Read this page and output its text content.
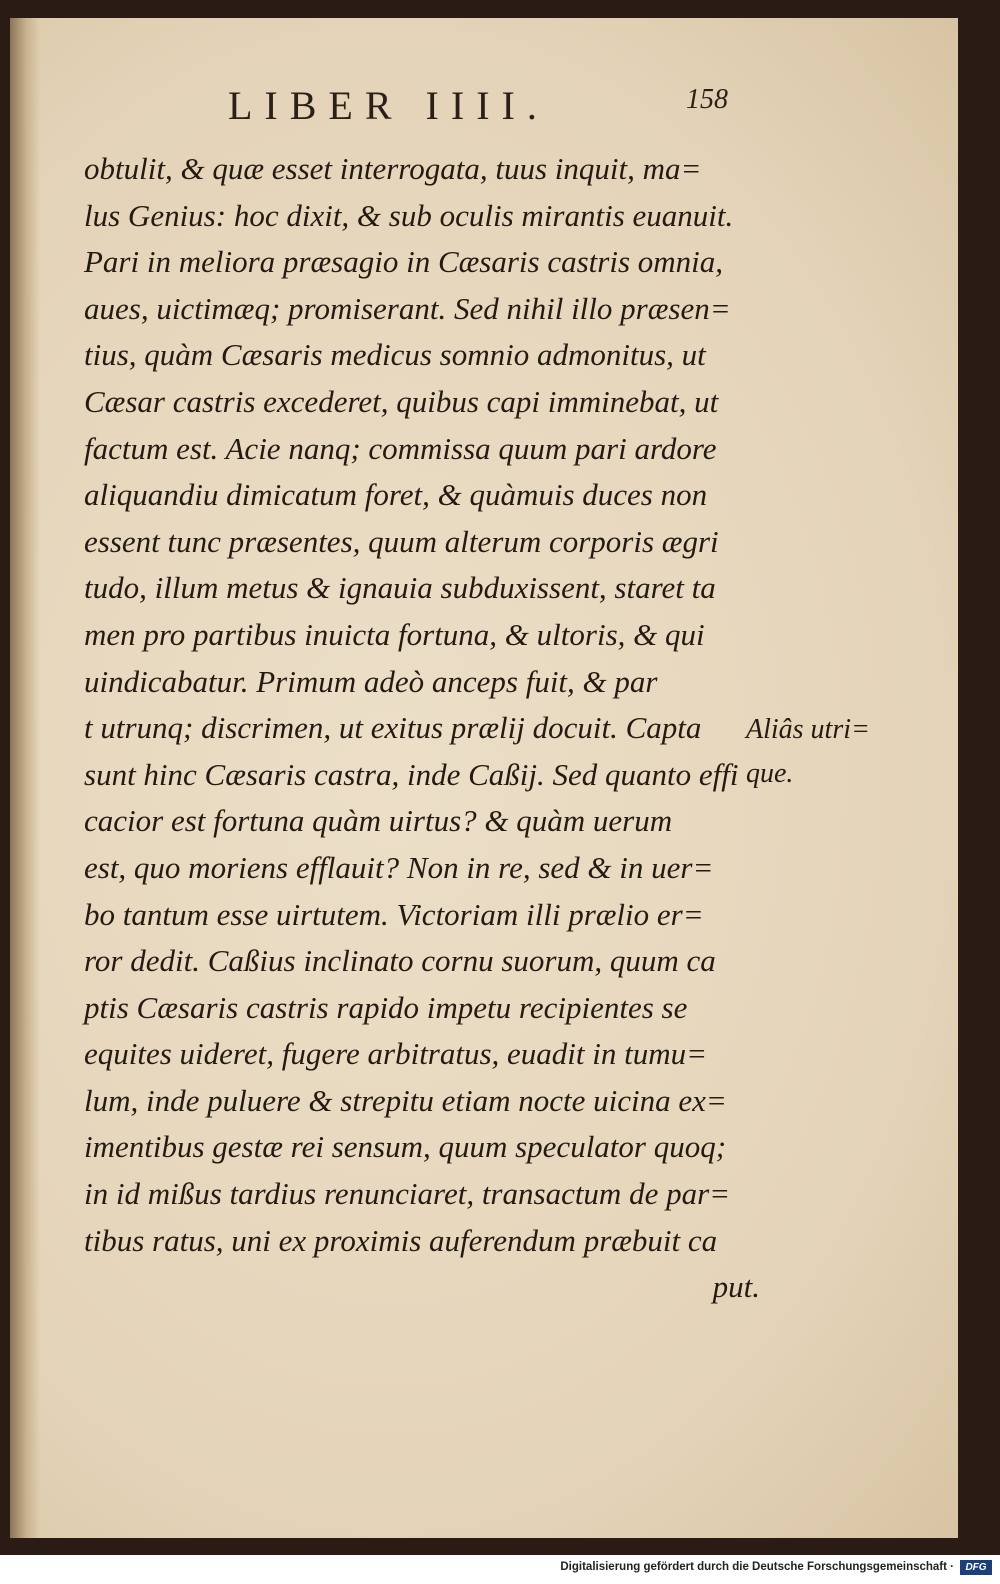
LIBER IIII.	158
obtulit, & quæ esset interrogata, tuus inquit, ma=
lus Genius: hoc dixit, & sub oculis mirantis euanuit.
Pari in meliora præsagio in Cæsaris castris omnia,
aues, uictimæq; promiserant. Sed nihil illo præsen=
tius, quàm Cæsaris medicus somnio admonitus, ut
Cæsar castris excederet, quibus capi imminebat, ut
factum est. Acie nanq; commissa quum pari ardore
aliquandiu dimicatum foret, & quàmuis duces non
essent tunc præsentes, quum alterum corporis ægri
tudo, illum metus & ignauia subduxissent, staret ta
men pro partibus inuicta fortuna, & ultoris, & qui
uindicabatur. Primum adeò anceps fuit, & par
t utrunq; discrimen, ut exitus prælij docuit. Capta
sunt hinc Cæsaris castra, inde Caßij. Sed quanto effi
cacior est fortuna quàm uirtus? & quàm uerum
est, quo moriens efflauit? Non in re, sed & in uer=
bo tantum esse uirtutem. Victoriam illi prælio er=
ror dedit. Caßius inclinato cornu suorum, quum ca
ptis Cæsaris castris rapido impetu recipientes se
equites uideret, fugere arbitratus, euadit in tumu=
lum, inde puluere & strepitu etiam nocte uicina ex=
imentibus gestæ rei sensum, quum speculator quoq;
in id mißus tardius renunciaret, transactum de par=
tibus ratus, uni ex proximis auferendum præbuit ca
put.
Aliâs utri=
que.
Digitalisierung gefördert durch die Deutsche Forschungsgemeinschaft ·	DFG
